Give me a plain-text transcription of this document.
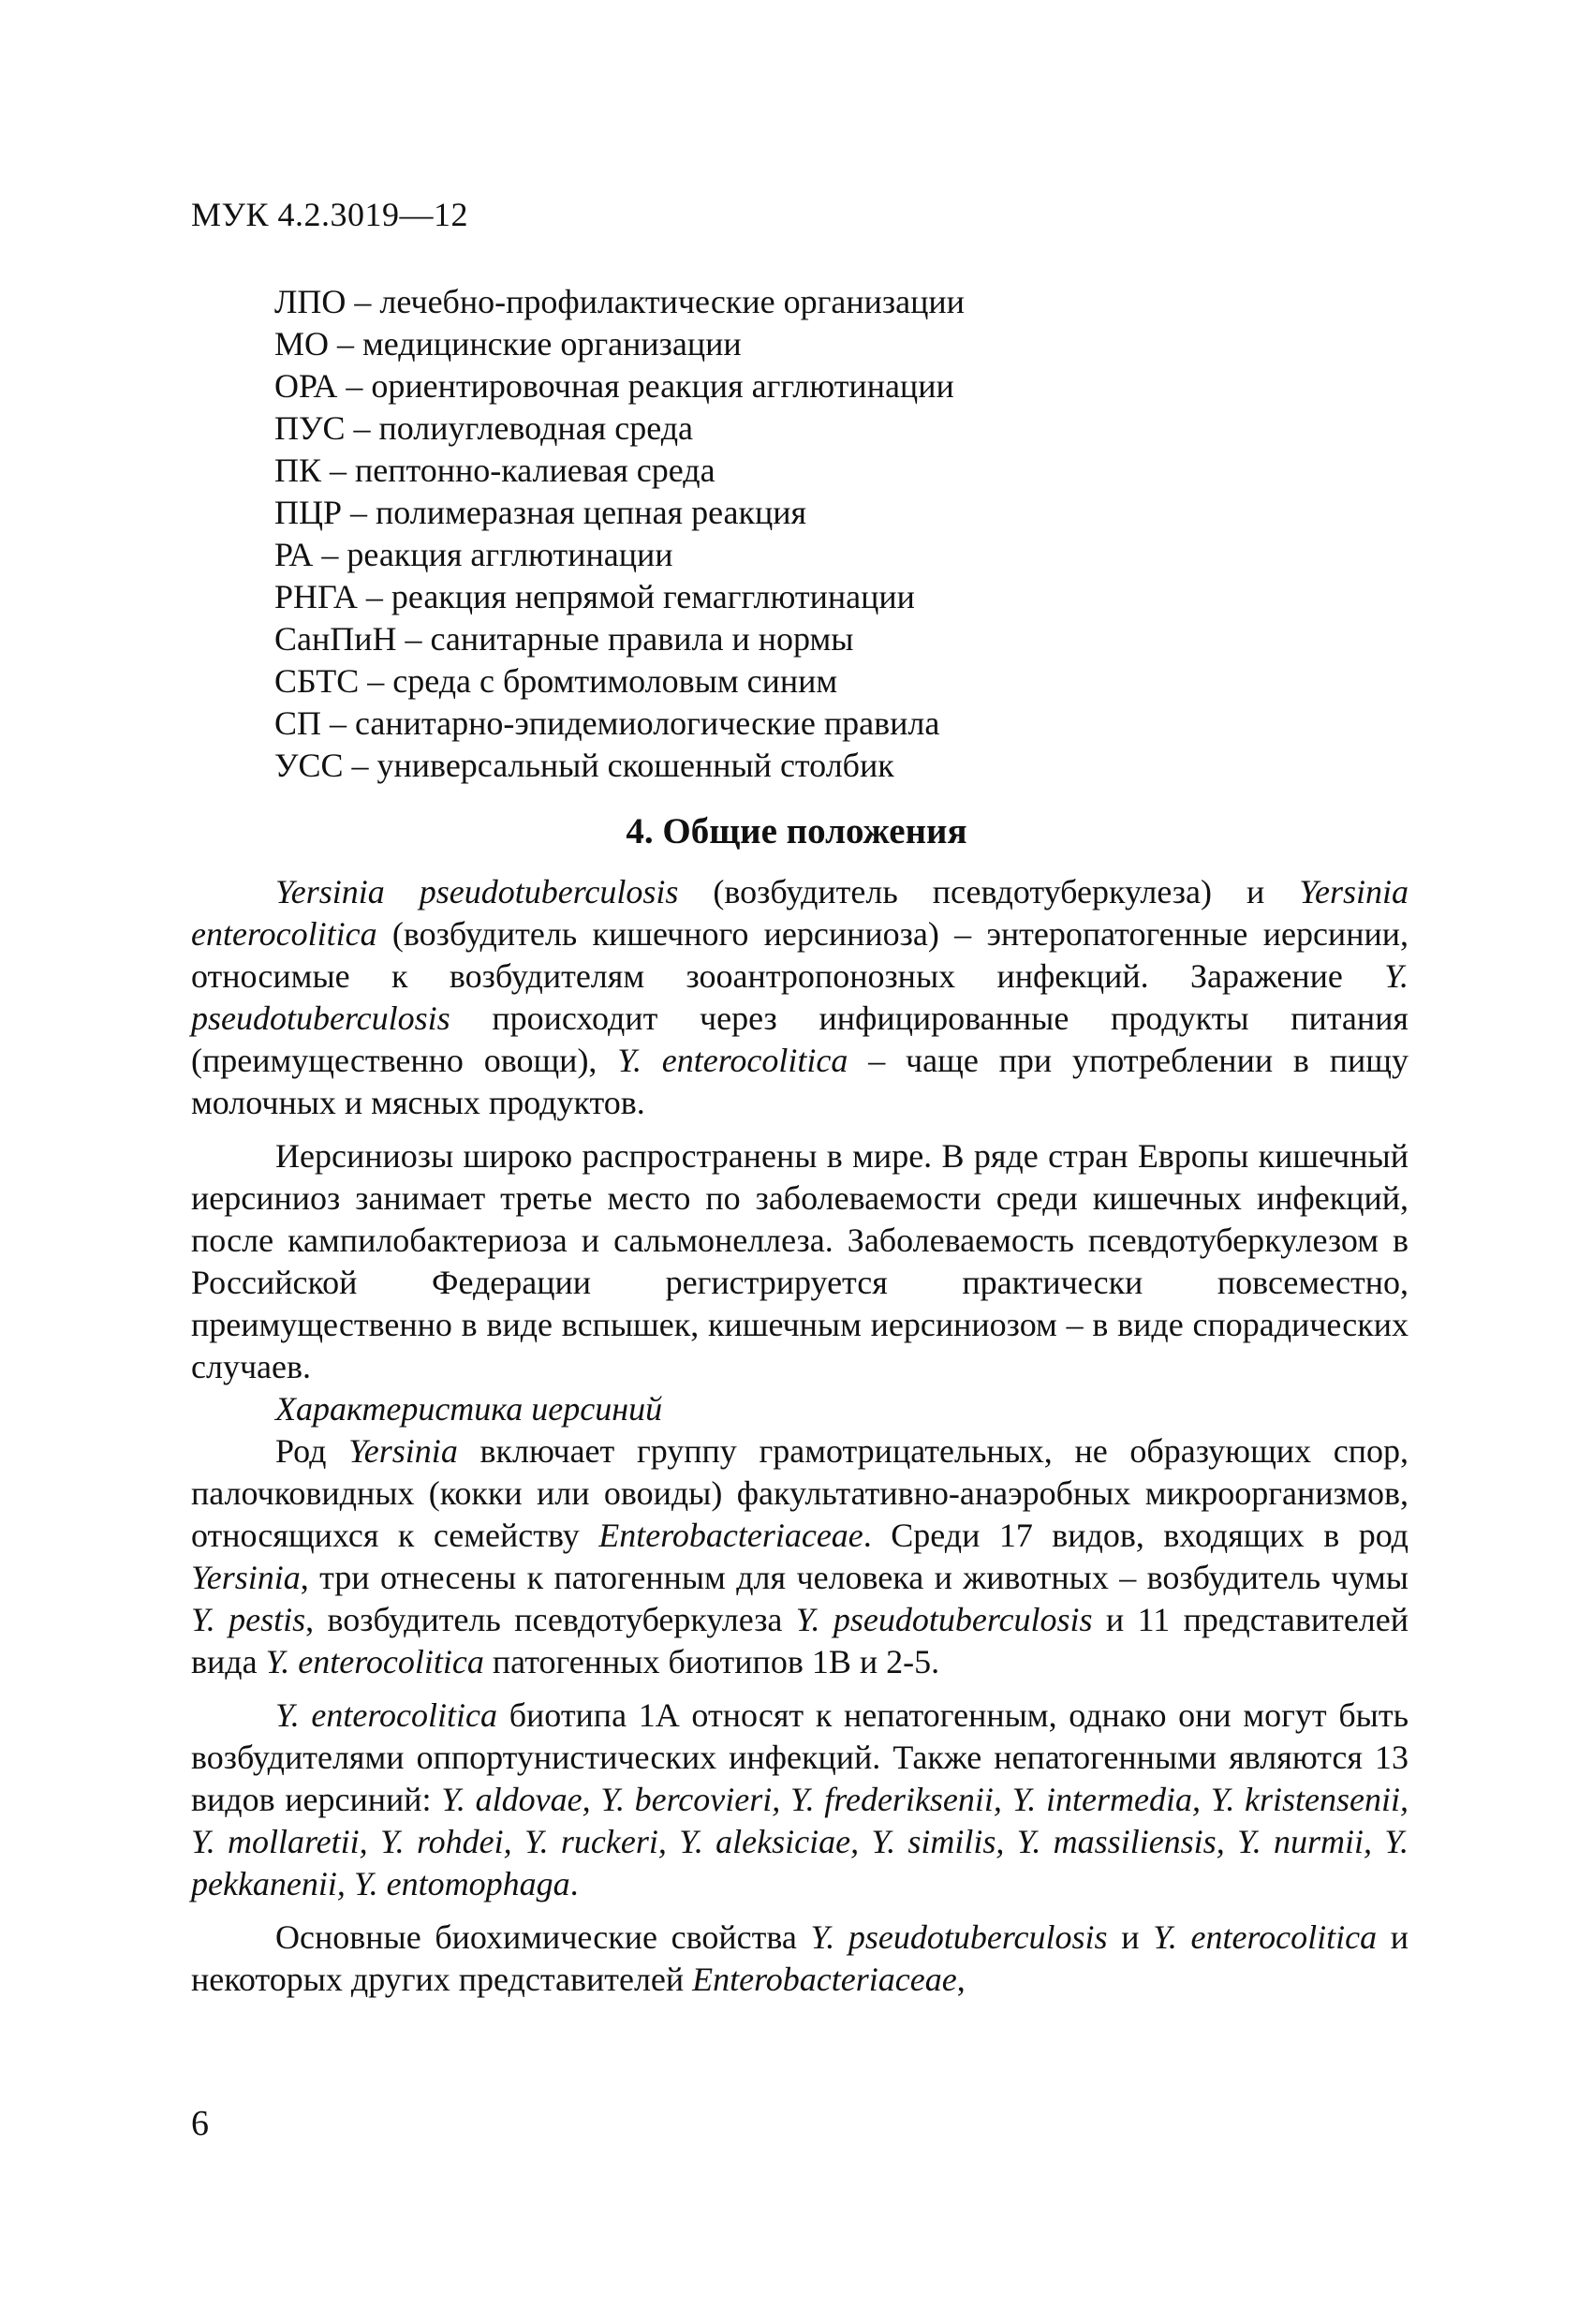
МУК 4.2.3019—12
ЛПО – лечебно-профилактические организации
МО – медицинские организации
ОРА – ориентировочная реакция агглютинации
ПУС – полиуглеводная среда
ПК – пептонно-калиевая среда
ПЦР – полимеразная цепная реакция
РА – реакция агглютинации
РНГА – реакция непрямой гемагглютинации
СанПиН – санитарные правила и нормы
СБТС – среда с бромтимоловым синим
СП – санитарно-эпидемиологические правила
УСС – универсальный скошенный столбик
4. Общие положения

Yersinia pseudotuberculosis (возбудитель псевдотуберкулеза) и Yersinia enterocolitica (возбудитель кишечного иерсиниоза) – энтеропатогенные иерсинии, относимые к возбудителям зооантропонозных инфекций. Заражение Y. pseudotuberculosis происходит через инфицированные продукты питания (преимущественно овощи), Y. enterocolitica – чаще при употреблении в пищу молочных и мясных продуктов.

Иерсиниозы широко распространены в мире. В ряде стран Европы кишечный иерсиниоз занимает третье место по заболеваемости среди кишечных инфекций, после кампилобактериоза и сальмонеллеза. Заболеваемость псевдотуберкулезом в Российской Федерации регистрируется практически повсеместно, преимущественно в виде вспышек, кишечным иерсиниозом – в виде спорадических случаев.

Характеристика иерсиний

Род Yersinia включает группу грамотрицательных, не образующих спор, палочковидных (кокки или овоиды) факультативно-анаэробных микроорганизмов, относящихся к семейству Enterobacteriaceae. Среди 17 видов, входящих в род Yersinia, три отнесены к патогенным для человека и животных – возбудитель чумы Y. pestis, возбудитель псевдотуберкулеза Y. pseudotuberculosis и 11 представителей вида Y. enterocolitica патогенных биотипов 1В и 2-5.

Y. enterocolitica биотипа 1А относят к непатогенным, однако они могут быть возбудителями оппортунистических инфекций. Также непатогенными являются 13 видов иерсиний: Y. aldovae, Y. bercovieri, Y. frederiksenii, Y. intermedia, Y. kristensenii, Y. mollaretii, Y. rohdei, Y. ruckeri, Y. aleksiciae, Y. similis, Y. massiliensis, Y. nurmii, Y. pekkanenii, Y. entomophaga.

Основные биохимические свойства Y. pseudotuberculosis и Y. enterocolitica и некоторых других представителей Enterobacteriaceae,

6
